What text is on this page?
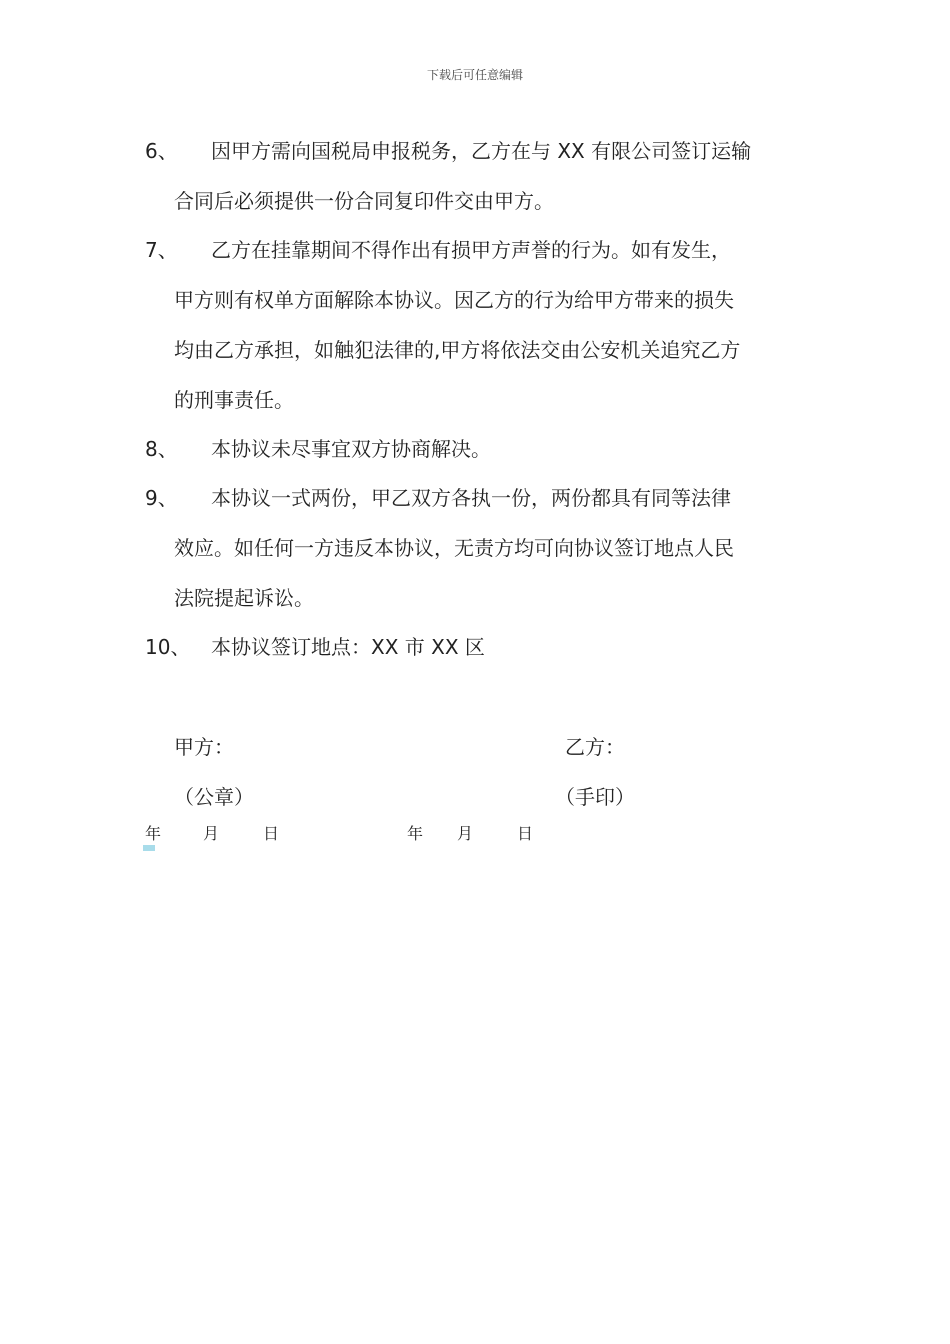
下载后可任意编辑
6、	因甲方需向国税局申报税务，乙方在与 XX 有限公司签订运输
合同后必须提供一份合同复印件交由甲方。
7、	乙方在挂靠期间不得作出有损甲方声誉的行为。如有发生，
甲方则有权单方面解除本协议。因乙方的行为给甲方带来的损失
均由乙方承担，如触犯法律的,甲方将依法交由公安机关追究乙方
的刑事责任。
8、	本协议未尽事宜双方协商解决。
9、	本协议一式两份，甲乙双方各执一份，两份都具有同等法律
效应。如任何一方违反本协议，无责方均可向协议签订地点人民
法院提起诉讼。
10、	本协议签订地点：XX 市 XX 区
甲方：	乙方：
（公章）	（手印）
年	月	日	年 月	日
